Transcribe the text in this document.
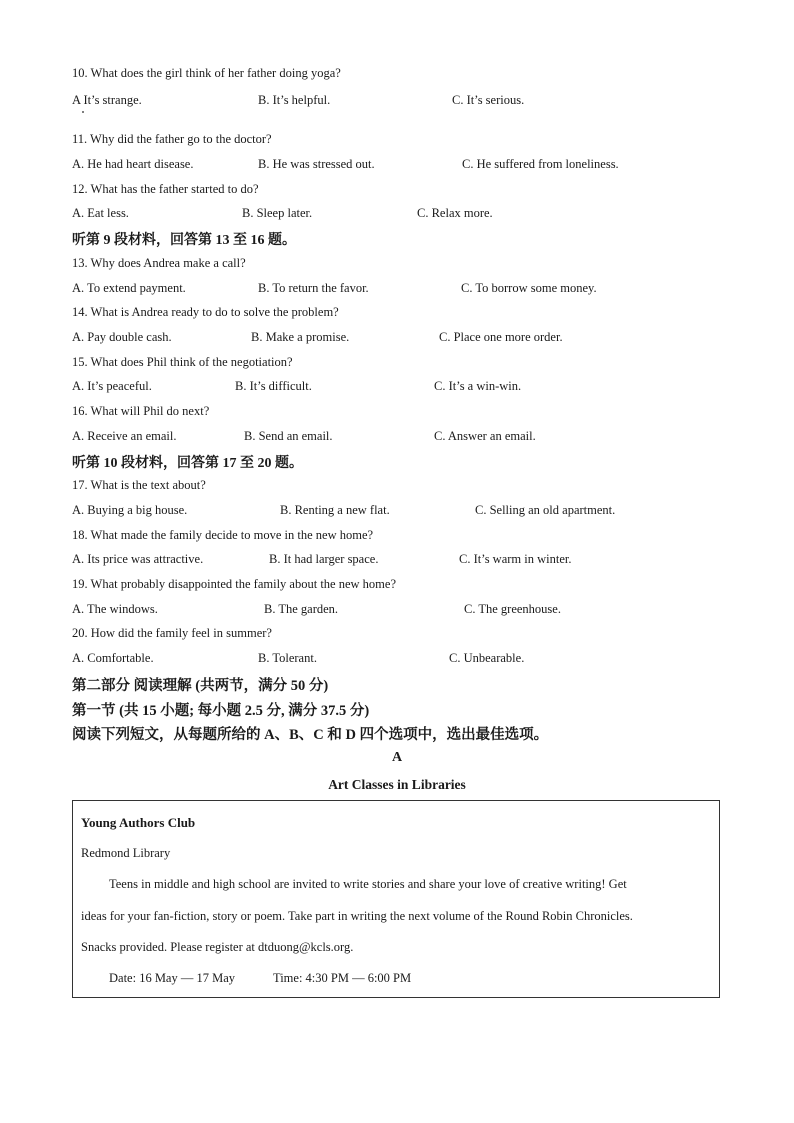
10. What does the girl think of her father doing yoga?
A It’s strange.	B. It’s helpful.	C. It’s serious.
11. Why did the father go to the doctor?
A. He had heart disease.	B. He was stressed out.	C. He suffered from loneliness.
12. What has the father started to do?
A. Eat less.	B. Sleep later.	C. Relax more.
听第 9 段材料，回答第 13 至 16 题。
13. Why does Andrea make a call?
A. To extend payment.	B. To return the favor.	C. To borrow some money.
14. What is Andrea ready to do to solve the problem?
A. Pay double cash.	B. Make a promise.	C. Place one more order.
15. What does Phil think of the negotiation?
A. It’s peaceful.	B. It’s difficult.	C. It’s a win-win.
16. What will Phil do next?
A. Receive an email.	B. Send an email.	C. Answer an email.
听第 10 段材料，回答第 17 至 20 题。
17. What is the text about?
A. Buying a big house.	B. Renting a new flat.	C. Selling an old apartment.
18. What made the family decide to move in the new home?
A. Its price was attractive.	B. It had larger space.	C. It’s warm in winter.
19. What probably disappointed the family about the new home?
A. The windows.	B. The garden.	C. The greenhouse.
20. How did the family feel in summer?
A. Comfortable.	B. Tolerant.	C. Unbearable.
第二部分 阅读理解 (共两节，满分 50 分)
第一节 (共 15 小题; 每小题 2.5 分, 满分 37.5 分)
阅读下列短文，从每题所给的 A、B、C 和 D 四个选项中，选出最佳选项。
A
Art Classes in Libraries
Young Authors Club
Redmond Library
Teens in middle and high school are invited to write stories and share your love of creative writing! Get
ideas for your fan-fiction, story or poem. Take part in writing the next volume of the Round Robin Chronicles.
Snacks provided. Please register at dtduong@kcls.org.
Date: 16 May — 17 May	Time: 4:30 PM — 6:00 PM
